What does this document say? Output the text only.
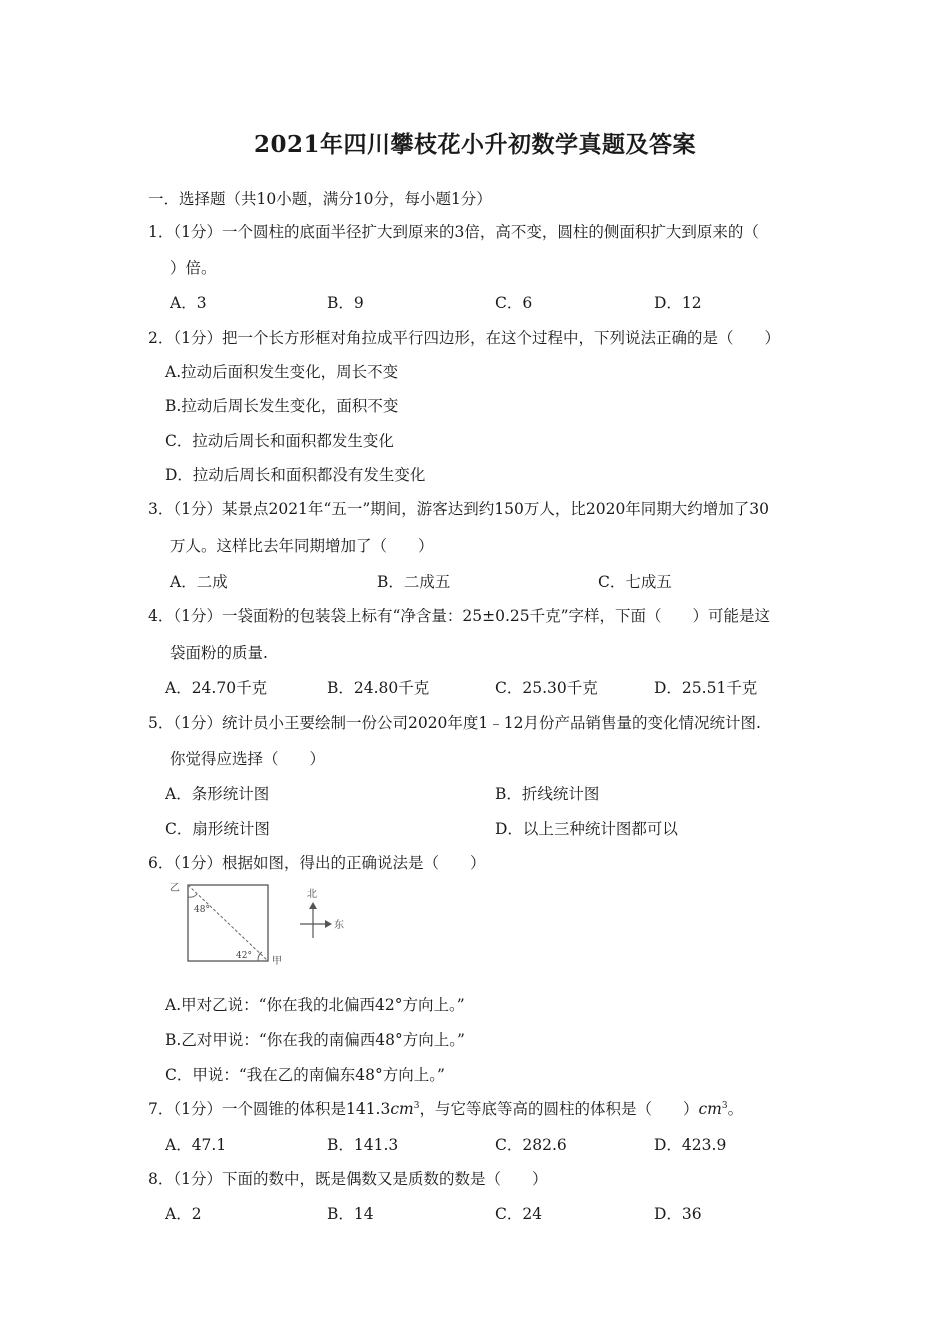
2021年四川攀枝花小升初数学真题及答案
一．选择题（共10小题，满分10分，每小题1分）
1．（1分）一个圆柱的底面半径扩大到原来的3倍，高不变，圆柱的侧面积扩大到原来的（
）倍。
A．3	B．9	C．6	D．12
2．（1分）把一个长方形框对角拉成平行四边形，在这个过程中，下列说法正确的是（　　）
A.拉动后面积发生变化，周长不变
B.拉动后周长发生变化，面积不变
C．拉动后周长和面积都发生变化
D．拉动后周长和面积都没有发生变化
3．（1分）某景点2021年“五一”期间，游客达到约150万人，比2020年同期大约增加了30
万人。这样比去年同期增加了（　　）
A．二成	B．二成五	C．七成五
4．（1分）一袋面粉的包装袋上标有“净含量：25±0.25千克”字样，下面（　　）可能是这
袋面粉的质量.
A．24.70千克	B．24.80千克	C．25.30千克	D．25.51千克
5．（1分）统计员小王要绘制一份公司2020年度1﹣12月份产品销售量的变化情况统计图.
你觉得应选择（　　）
A．条形统计图	B．折线统计图
C．扇形统计图	D．以上三种统计图都可以
6．（1分）根据如图，得出的正确说法是（　　）
乙
48°
42° 甲
北
东
A.甲对乙说：“你在我的北偏西42°方向上。”
B.乙对甲说：“你在我的南偏西48°方向上。”
C．甲说：“我在乙的南偏东48°方向上。”
7．（1分）一个圆锥的体积是$141.3cm^3$，与它等底等高的圆柱的体积是（　　）$cm^3$。
A．47.1	B．141.3	C．282.6	D．423.9
8．（1分）下面的数中，既是偶数又是质数的数是（　　）
A．2	B．14	C．24	D．36
